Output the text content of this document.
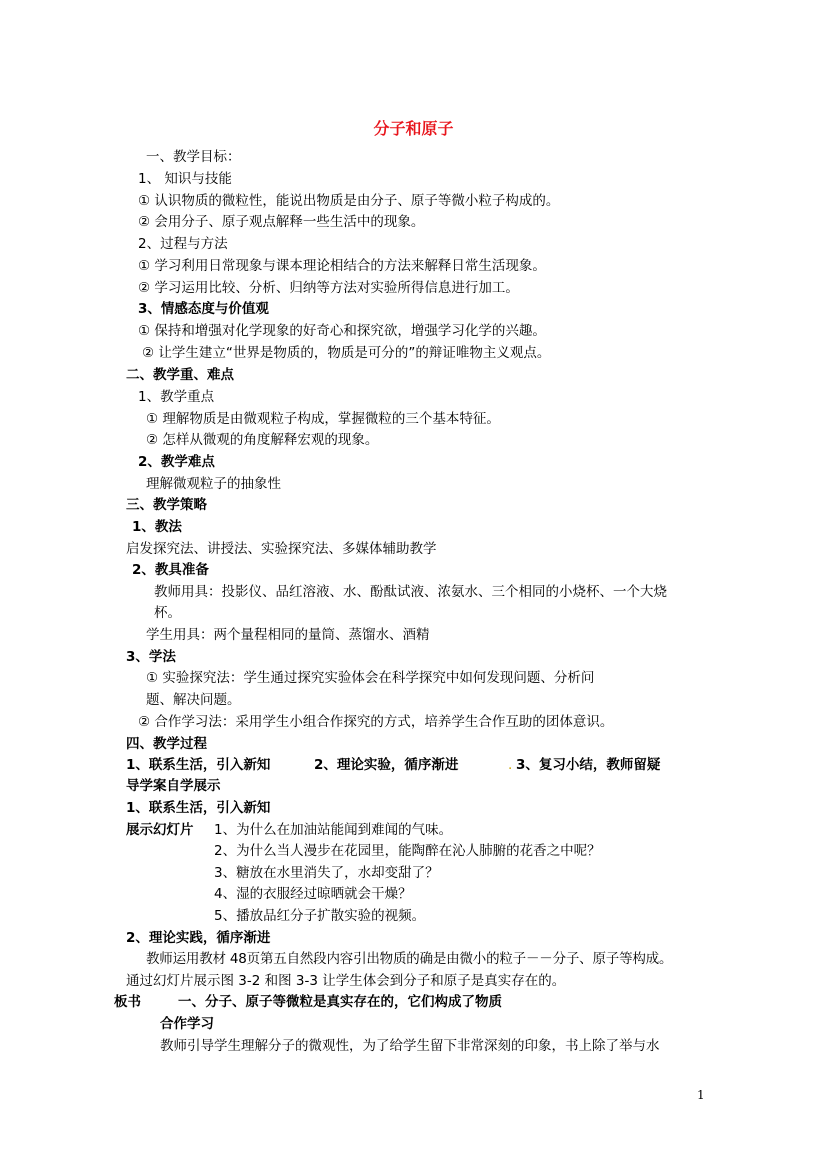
分子和原子
一、教学目标：
1、 知识与技能
① 认识物质的微粒性，能说出物质是由分子、原子等微小粒子构成的。
② 会用分子、原子观点解释一些生活中的现象。
2、过程与方法
① 学习利用日常现象与课本理论相结合的方法来解释日常生活现象。
② 学习运用比较、分析、归纳等方法对实验所得信息进行加工。
3、情感态度与价值观
① 保持和增强对化学现象的好奇心和探究欲，增强学习化学的兴趣。
② 让学生建立“世界是物质的，物质是可分的”的辩证唯物主义观点。
二、教学重、难点
1、教学重点
① 理解物质是由微观粒子构成，掌握微粒的三个基本特征。
② 怎样从微观的角度解释宏观的现象。
2、教学难点
理解微观粒子的抽象性
三、教学策略
1、教法
启发探究法、讲授法、实验探究法、多媒体辅助教学
2、教具准备
教师用具：投影仪、品红溶液、水、酚酞试液、浓氨水、三个相同的小烧杯、一个大烧
杯。
学生用具：两个量程相同的量筒、蒸馏水、酒精
3、学法
① 实验探究法：学生通过探究实验体会在科学探究中如何发现问题、分析问
题、解决问题。
② 合作学习法：采用学生小组合作探究的方式，培养学生合作互助的团体意识。
四、教学过程
1、联系生活，引入新知	2、理论实验，循序渐进	. 3、复习小结，教师留疑
导学案自学展示
1、联系生活，引入新知
展示幻灯片 1、为什么在加油站能闻到难闻的气味。
2、为什么当人漫步在花园里，能陶醉在沁人肺腑的花香之中呢？
3、糖放在水里消失了，水却变甜了？
4、湿的衣服经过晾晒就会干燥？
5、播放品红分子扩散实验的视频。
2、理论实践，循序渐进
教师运用教材 48页第五自然段内容引出物质的确是由微小的粒子－－分子、原子等构成。
通过幻灯片展示图 3-2 和图 3-3 让学生体会到分子和原子是真实存在的。
板书	一、分子、原子等微粒是真实存在的，它们构成了物质
合作学习
教师引导学生理解分子的微观性，为了给学生留下非常深刻的印象，书上除了举与水
1
